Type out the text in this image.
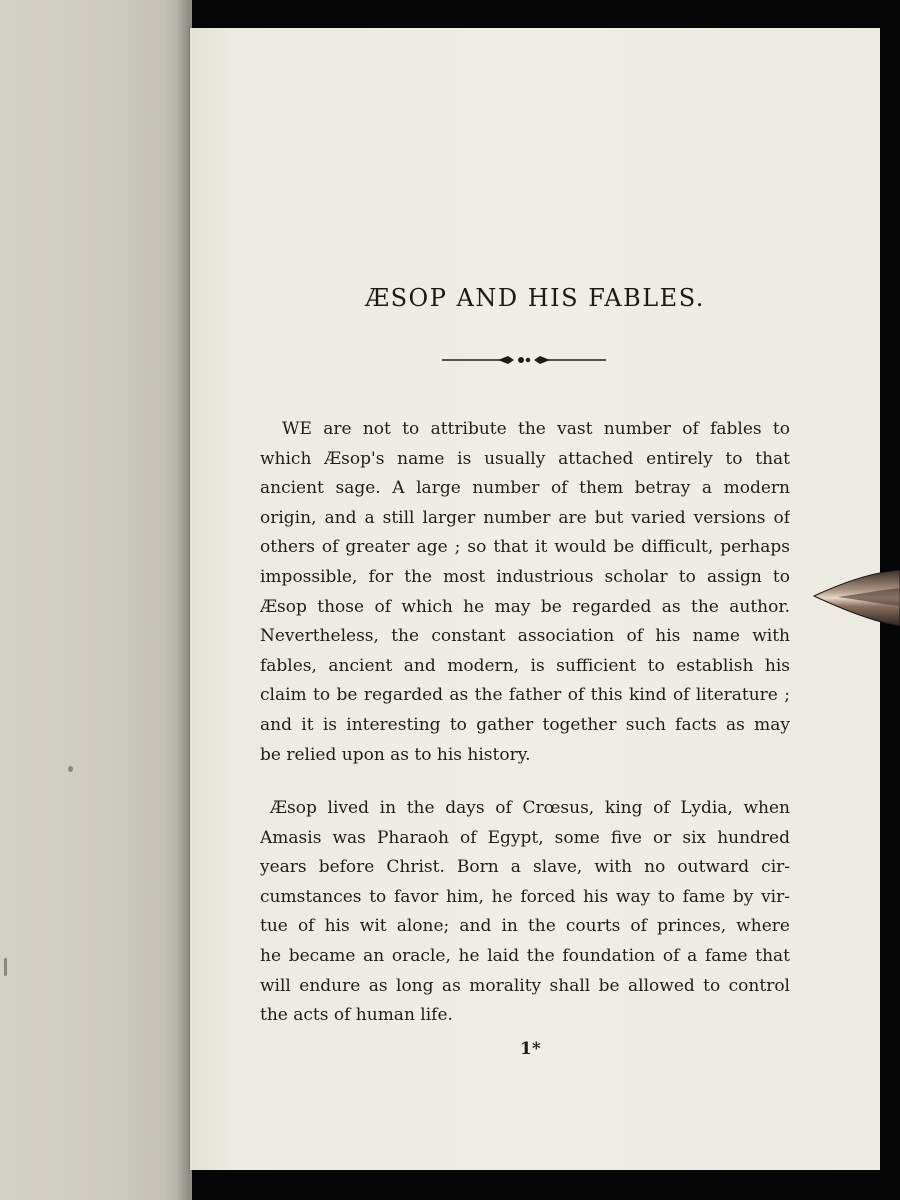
ÆSOP AND HIS FABLES.
WE are not to attribute the vast number of fables to
which Æsop's name is usually attached entirely to that
ancient sage. A large number of them betray a modern
origin, and a still larger number are but varied versions of
others of greater age ; so that it would be difficult, perhaps
impossible, for the most industrious scholar to assign to
Æsop those of which he may be regarded as the author.
Nevertheless, the constant association of his name with
fables, ancient and modern, is sufficient to establish his
claim to be regarded as the father of this kind of literature ;
and it is interesting to gather together such facts as may
be relied upon as to his history.
Æsop lived in the days of Crœsus, king of Lydia, when
Amasis was Pharaoh of Egypt, some five or six hundred
years before Christ. Born a slave, with no outward cir-
cumstances to favor him, he forced his way to fame by vir-
tue of his wit alone; and in the courts of princes, where
he became an oracle, he laid the foundation of a fame that
will endure as long as morality shall be allowed to control
the acts of human life.
1*
